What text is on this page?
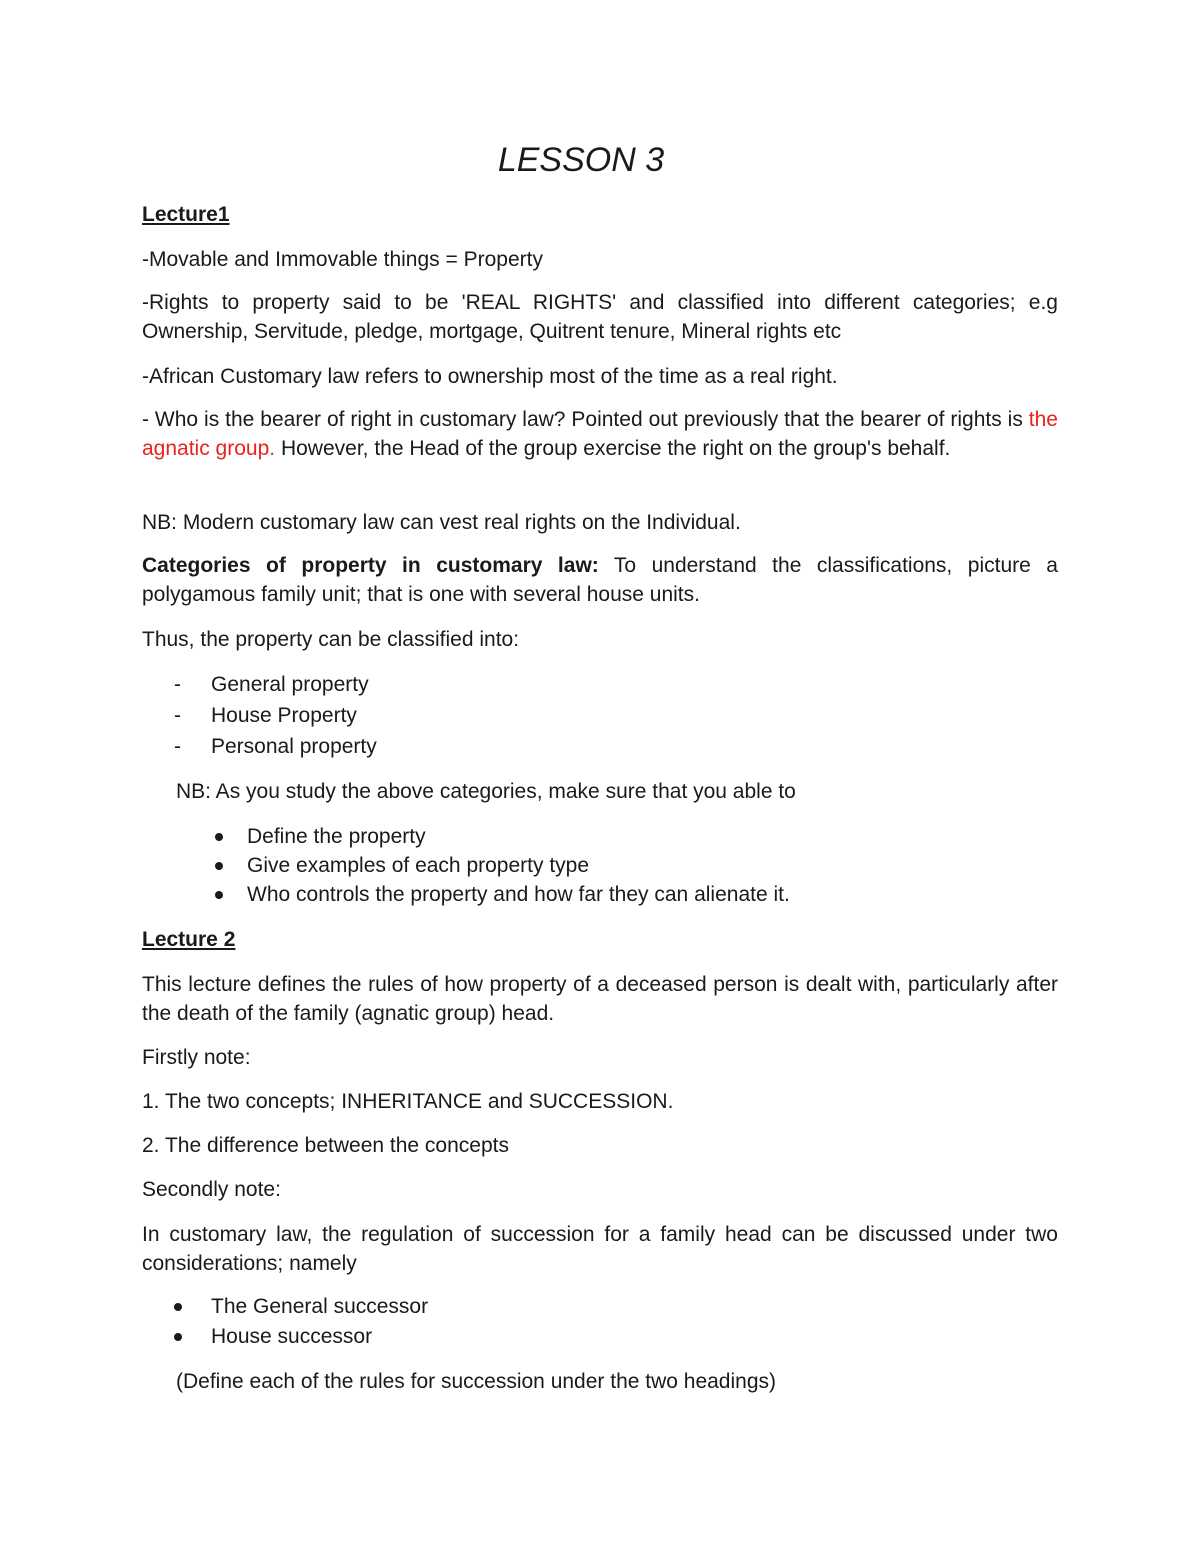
LESSON 3

Lecture1

-Movable and Immovable things = Property

-Rights to property said to be 'REAL RIGHTS' and classified into different categories; e.g Ownership, Servitude, pledge, mortgage, Quitrent tenure, Mineral rights etc

-African Customary law refers to ownership most of the time as a real right.

- Who is the bearer of right in customary law? Pointed out previously that the bearer of rights is the agnatic group. However, the Head of the group exercise the right on the group's behalf.

NB: Modern customary law can vest real rights on the Individual.

Categories of property in customary law: To understand the classifications, picture a polygamous family unit; that is one with several house units.

Thus, the property can be classified into:

- General property
- House Property
- Personal property

NB: As you study the above categories, make sure that you able to

Define the property
Give examples of each property type
Who controls the property and how far they can alienate it.

Lecture 2

This lecture defines the rules of how property of a deceased person is dealt with, particularly after the death of the family (agnatic group) head.

Firstly note:

1. The two concepts; INHERITANCE and SUCCESSION.

2. The difference between the concepts

Secondly note:

In customary law, the regulation of succession for a family head can be discussed under two considerations; namely

The General successor
House successor

(Define each of the rules for succession under the two headings)
